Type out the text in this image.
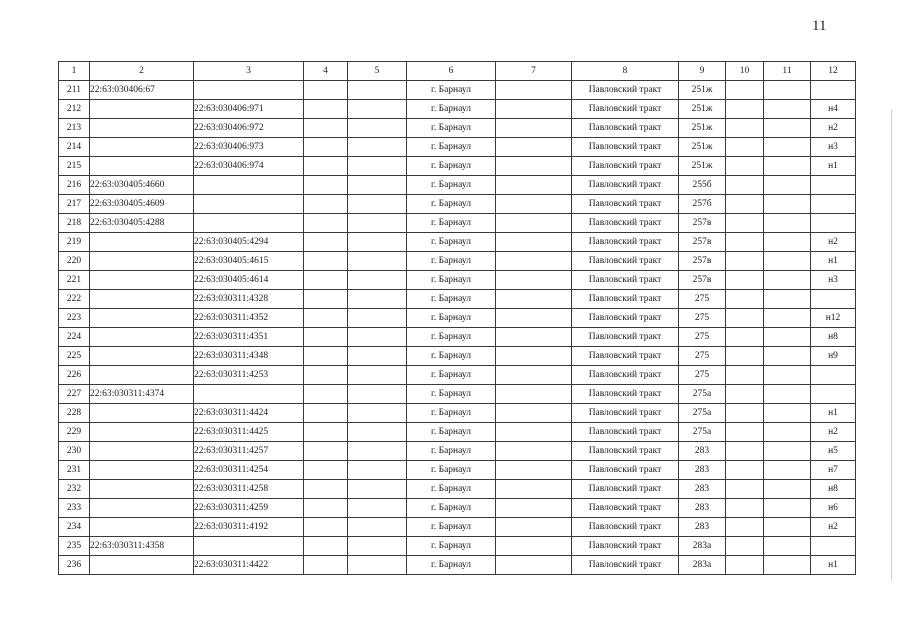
11
1	2	3	4	5	6	7	8	9	10	11	12
211	22:63:030406:67				г. Барнаул		Павловский тракт	251ж			
212		22:63:030406:971			г. Барнаул		Павловский тракт	251ж			н4
213		22:63:030406:972			г. Барнаул		Павловский тракт	251ж			н2
214		22:63:030406:973			г. Барнаул		Павловский тракт	251ж			н3
215		22:63:030406:974			г. Барнаул		Павловский тракт	251ж			н1
216	22:63:030405:4660				г. Барнаул		Павловский тракт	255б			
217	22:63:030405:4609				г. Барнаул		Павловский тракт	257б			
218	22:63:030405:4288				г. Барнаул		Павловский тракт	257в			
219		22:63:030405:4294			г. Барнаул		Павловский тракт	257в			н2
220		22:63:030405:4615			г. Барнаул		Павловский тракт	257в			н1
221		22:63:030405:4614			г. Барнаул		Павловский тракт	257в			н3
222		22:63:030311:4328			г. Барнаул		Павловский тракт	275			
223		22:63:030311:4352			г. Барнаул		Павловский тракт	275			н12
224		22:63:030311:4351			г. Барнаул		Павловский тракт	275			н8
225		22:63:030311:4348			г. Барнаул		Павловский тракт	275			н9
226		22:63:030311:4253			г. Барнаул		Павловский тракт	275			
227	22:63:030311:4374				г. Барнаул		Павловский тракт	275а			
228		22:63:030311:4424			г. Барнаул		Павловский тракт	275а			н1
229		22:63:030311:4425			г. Барнаул		Павловский тракт	275а			н2
230		22:63:030311:4257			г. Барнаул		Павловский тракт	283			н5
231		22:63:030311:4254			г. Барнаул		Павловский тракт	283			н7
232		22:63:030311:4258			г. Барнаул		Павловский тракт	283			н8
233		22:63:030311:4259			г. Барнаул		Павловский тракт	283			н6
234		22:63:030311:4192			г. Барнаул		Павловский тракт	283			н2
235	22:63:030311:4358				г. Барнаул		Павловский тракт	283а			
236		22:63:030311:4422			г. Барнаул		Павловский тракт	283а			н1
